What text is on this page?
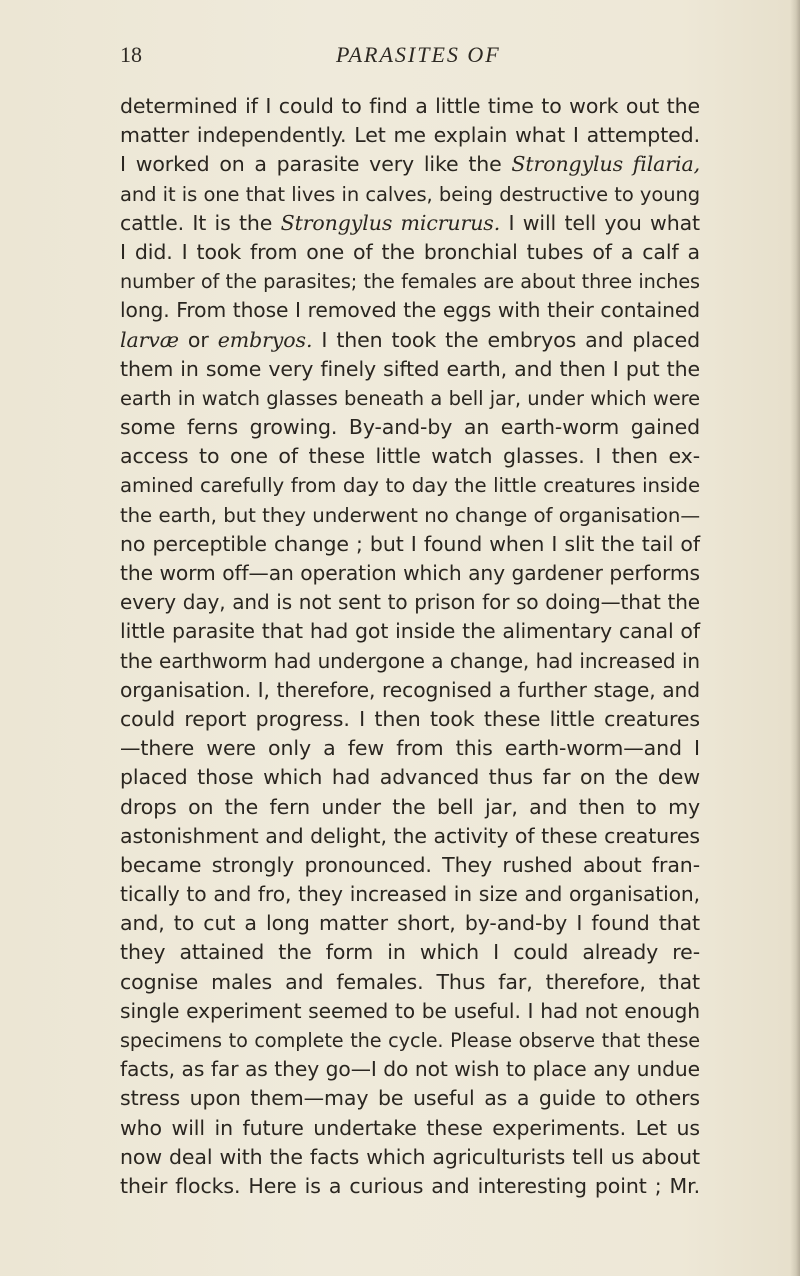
18	PARASITES OF
determined if I could to find a little time to work out the
matter independently. Let me explain what I attempted.
I worked on a parasite very like the Strongylus filaria,
and it is one that lives in calves, being destructive to young
cattle. It is the Strongylus micrurus. I will tell you what
I did. I took from one of the bronchial tubes of a calf a
number of the parasites; the females are about three inches
long. From those I removed the eggs with their contained
larvæ or embryos. I then took the embryos and placed
them in some very finely sifted earth, and then I put the
earth in watch glasses beneath a bell jar, under which were
some ferns growing. By-and-by an earth-worm gained
access to one of these little watch glasses. I then ex-
amined carefully from day to day the little creatures inside
the earth, but they underwent no change of organisation—
no perceptible change ; but I found when I slit the tail of
the worm off—an operation which any gardener performs
every day, and is not sent to prison for so doing—that the
little parasite that had got inside the alimentary canal of
the earthworm had undergone a change, had increased in
organisation. I, therefore, recognised a further stage, and
could report progress. I then took these little creatures
—there were only a few from this earth-worm—and I
placed those which had advanced thus far on the dew
drops on the fern under the bell jar, and then to my
astonishment and delight, the activity of these creatures
became strongly pronounced. They rushed about fran-
tically to and fro, they increased in size and organisation,
and, to cut a long matter short, by-and-by I found that
they attained the form in which I could already re-
cognise males and females. Thus far, therefore, that
single experiment seemed to be useful. I had not enough
specimens to complete the cycle. Please observe that these
facts, as far as they go—I do not wish to place any undue
stress upon them—may be useful as a guide to others
who will in future undertake these experiments. Let us
now deal with the facts which agriculturists tell us about
their flocks. Here is a curious and interesting point ; Mr.
